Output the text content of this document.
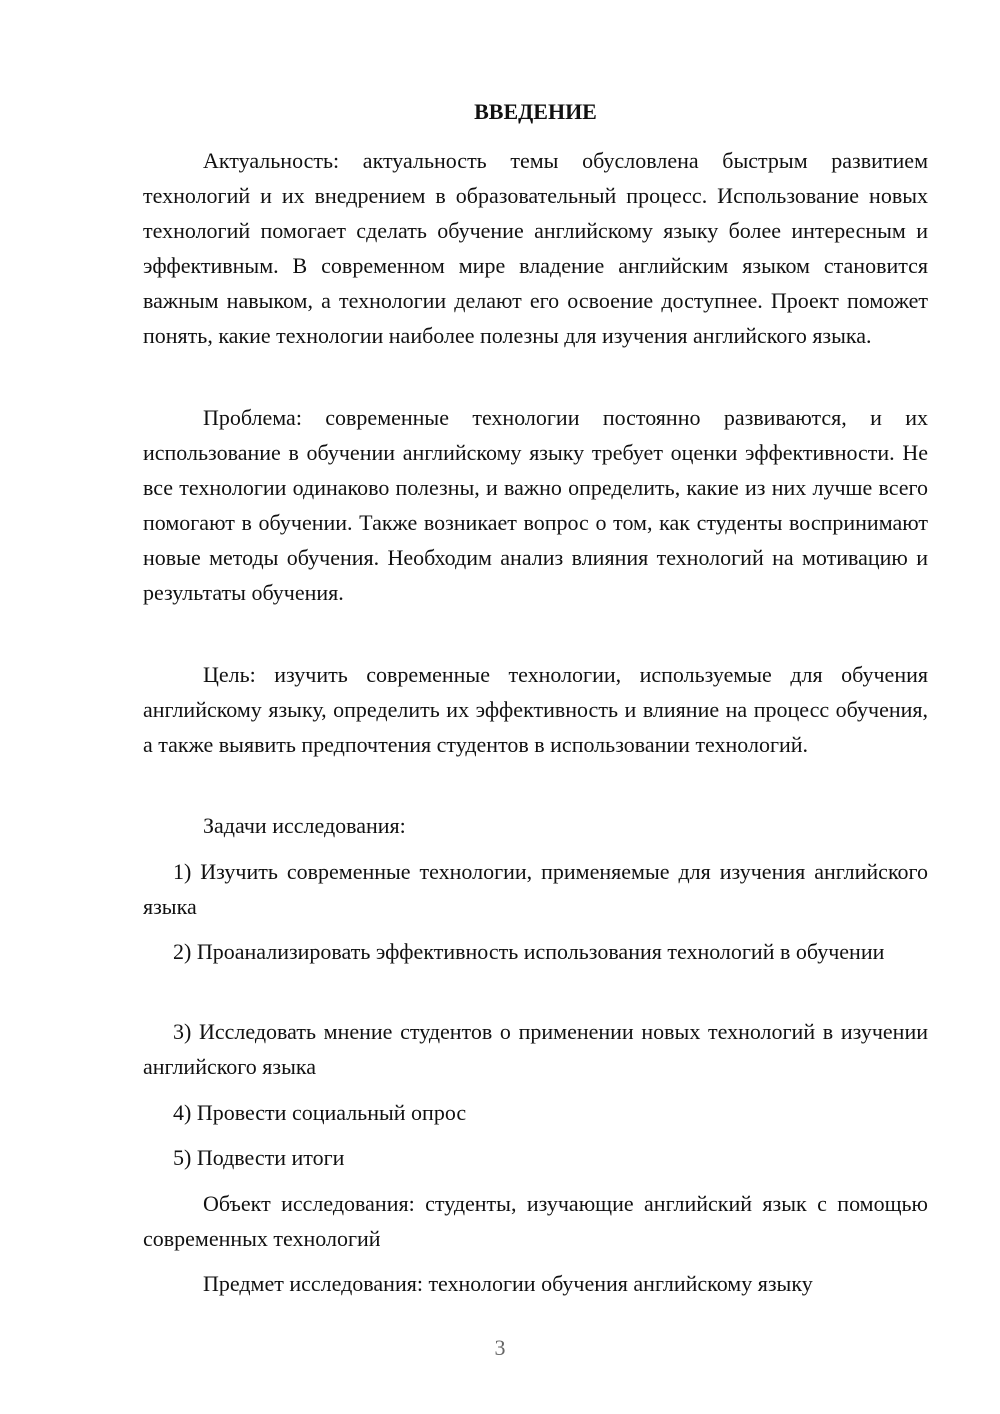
ВВЕДЕНИЕ

Актуальность: актуальность темы обусловлена быстрым развитием технологий и их внедрением в образовательный процесс. Использование новых технологий помогает сделать обучение английскому языку более интересным и эффективным. В современном мире владение английским языком становится важным навыком, а технологии делают его освоение доступнее. Проект поможет понять, какие технологии наиболее полезны для изучения английского языка.

Проблема: современные технологии постоянно развиваются, и их использование в обучении английскому языку требует оценки эффективности. Не все технологии одинаково полезны, и важно определить, какие из них лучше всего помогают в обучении. Также возникает вопрос о том, как студенты воспринимают новые методы обучения. Необходим анализ влияния технологий на мотивацию и результаты обучения.

Цель: изучить современные технологии, используемые для обучения английскому языку, определить их эффективность и влияние на процесс обучения, а также выявить предпочтения студентов в использовании технологий.

Задачи исследования:

1) Изучить современные технологии, применяемые для изучения английского языка

2) Проанализировать эффективность использования технологий в обучении

3) Исследовать мнение студентов о применении новых технологий в изучении английского языка

4) Провести социальный опрос

5) Подвести итоги

Объект исследования: студенты, изучающие английский язык с помощью современных технологий

Предмет исследования: технологии обучения английскому языку

3
